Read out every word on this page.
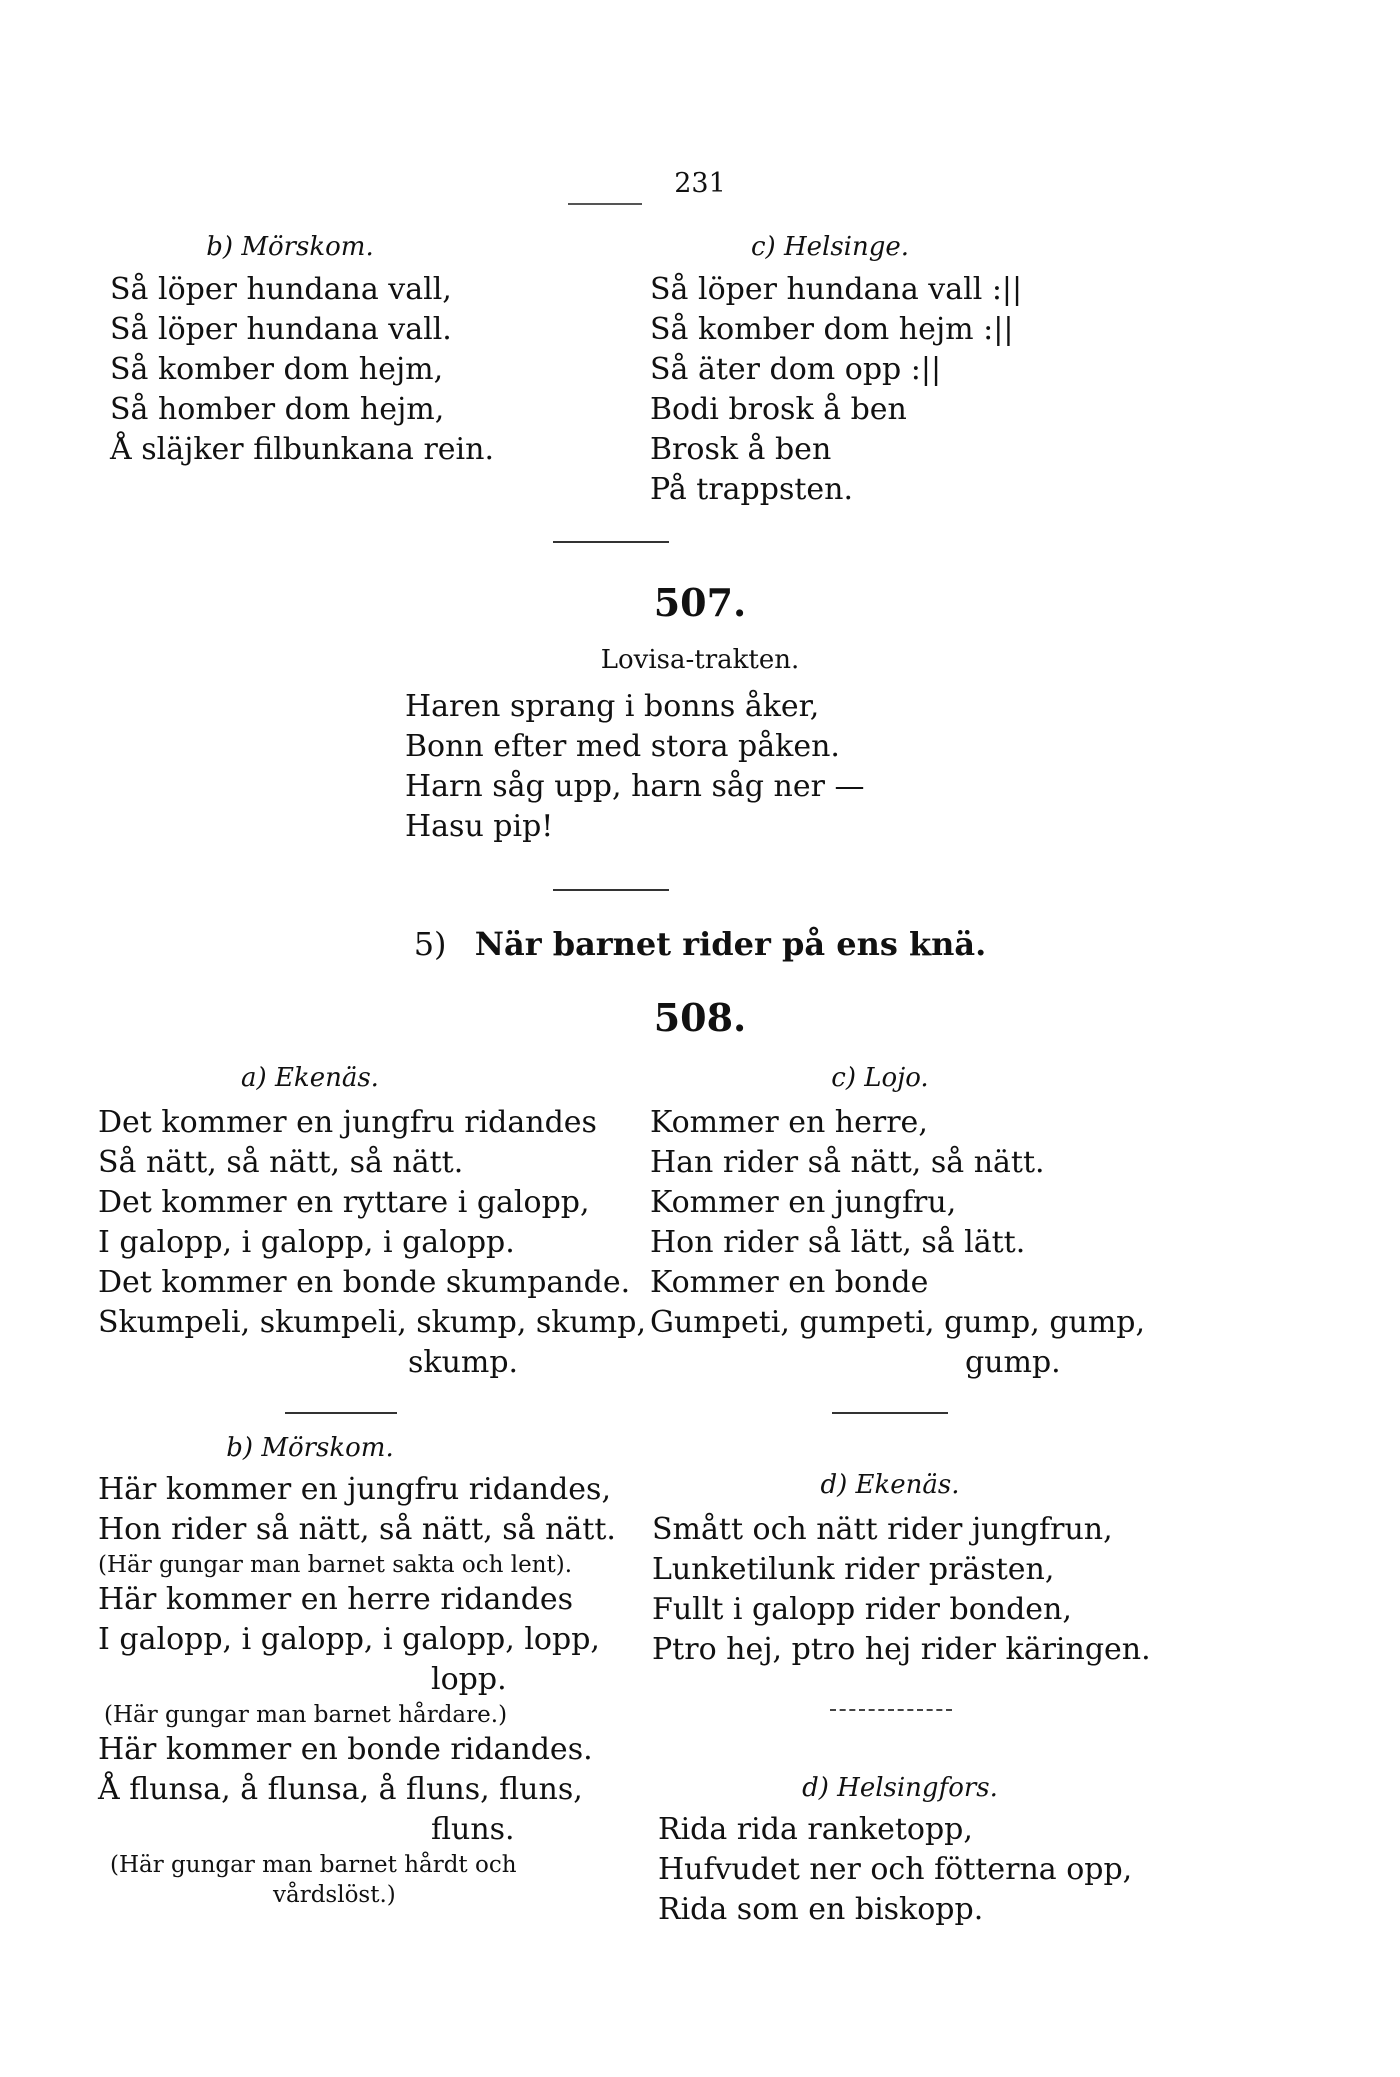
231
b) Mörskom.
Så löper hundana vall,
Så löper hundana vall.
Så komber dom hejm,
Så homber dom hejm,
Å släjker filbunkana rein.
c) Helsinge.
Så löper hundana vall :||
Så komber dom hejm :||
Så äter dom opp :||
Bodi brosk å ben
Brosk å ben
På trappsten.
507.
Lovisa-trakten.
Haren sprang i bonns åker,
Bonn efter med stora påken.
Harn såg upp, harn såg ner —
Hasu pip!
5) När barnet rider på ens knä.
508.
a) Ekenäs.
Det kommer en jungfru ridandes
Så nätt, så nätt, så nätt.
Det kommer en ryttare i galopp,
I galopp, i galopp, i galopp.
Det kommer en bonde skumpande.
Skumpeli, skumpeli, skump, skump,
skump.
b) Mörskom.
Här kommer en jungfru ridandes,
Hon rider så nätt, så nätt, så nätt.
(Här gungar man barnet sakta och lent).
Här kommer en herre ridandes
I galopp, i galopp, i galopp, lopp,
lopp.
(Här gungar man barnet hårdare.)
Här kommer en bonde ridandes.
Å flunsa, å flunsa, å fluns, fluns,
fluns.
(Här gungar man barnet hårdt och
vårdslöst.)
c) Lojo.
Kommer en herre,
Han rider så nätt, så nätt.
Kommer en jungfru,
Hon rider så lätt, så lätt.
Kommer en bonde
Gumpeti, gumpeti, gump, gump,
gump.
d) Ekenäs.
Smått och nätt rider jungfrun,
Lunketilunk rider prästen,
Fullt i galopp rider bonden,
Ptro hej, ptro hej rider käringen.
d) Helsingfors.
Rida rida ranketopp,
Hufvudet ner och fötterna opp,
Rida som en biskopp.
